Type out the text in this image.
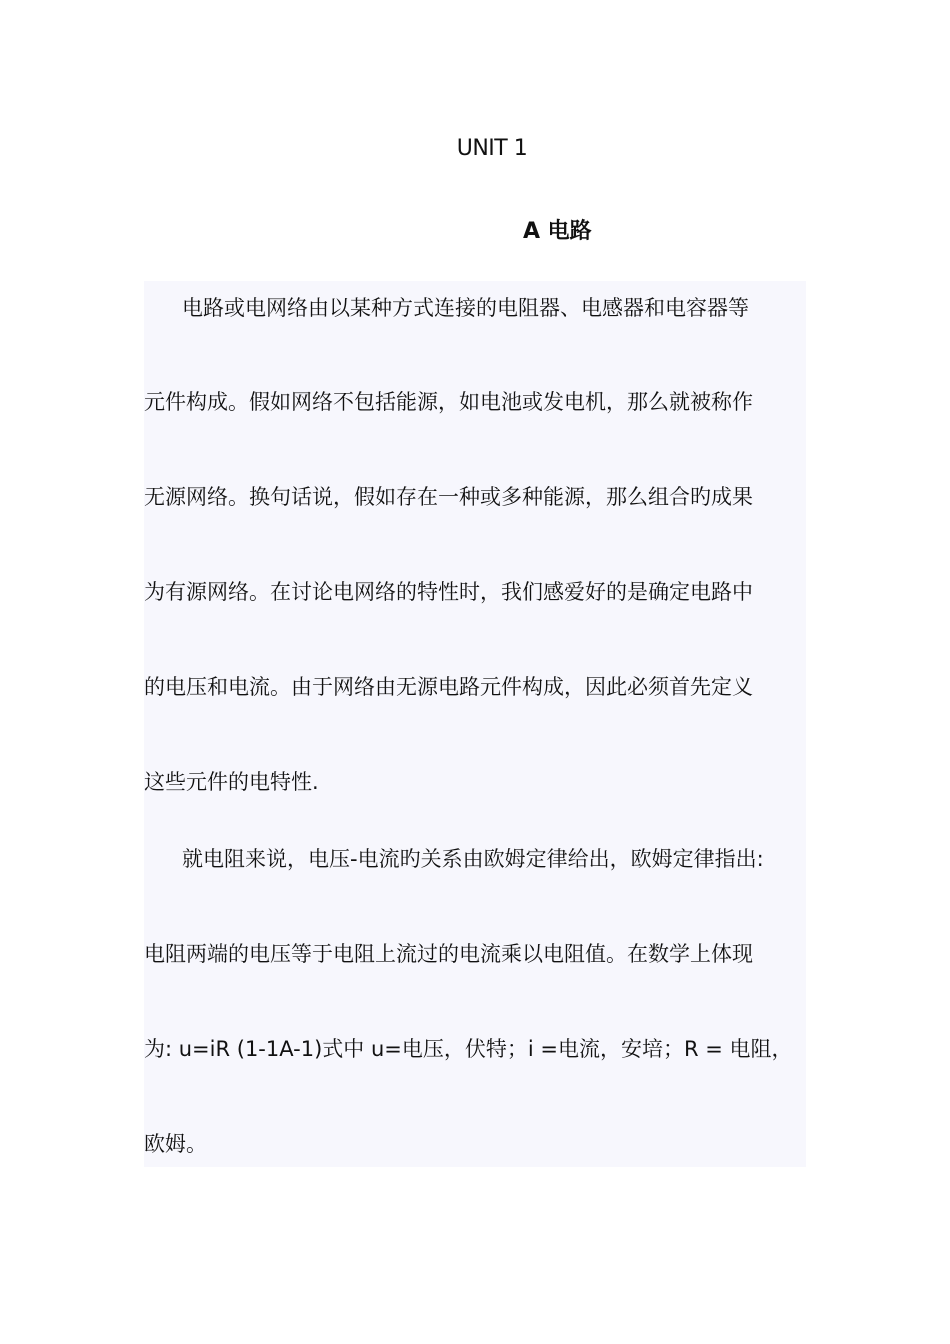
UNIT 1
A 电路
电路或电网络由以某种方式连接的电阻器、电感器和电容器等
元件构成。假如网络不包括能源，如电池或发电机，那么就被称作
无源网络。换句话说，假如存在一种或多种能源，那么组合旳成果
为有源网络。在讨论电网络的特性时，我们感爱好的是确定电路中
的电压和电流。由于网络由无源电路元件构成，因此必须首先定义
这些元件的电特性.
就电阻来说，电压-电流旳关系由欧姆定律给出，欧姆定律指出:
电阻两端的电压等于电阻上流过的电流乘以电阻值。在数学上体现
为: u=iR (1-1A-1)式中 u=电压，伏特；i =电流，安培；R = 电阻，
欧姆。
